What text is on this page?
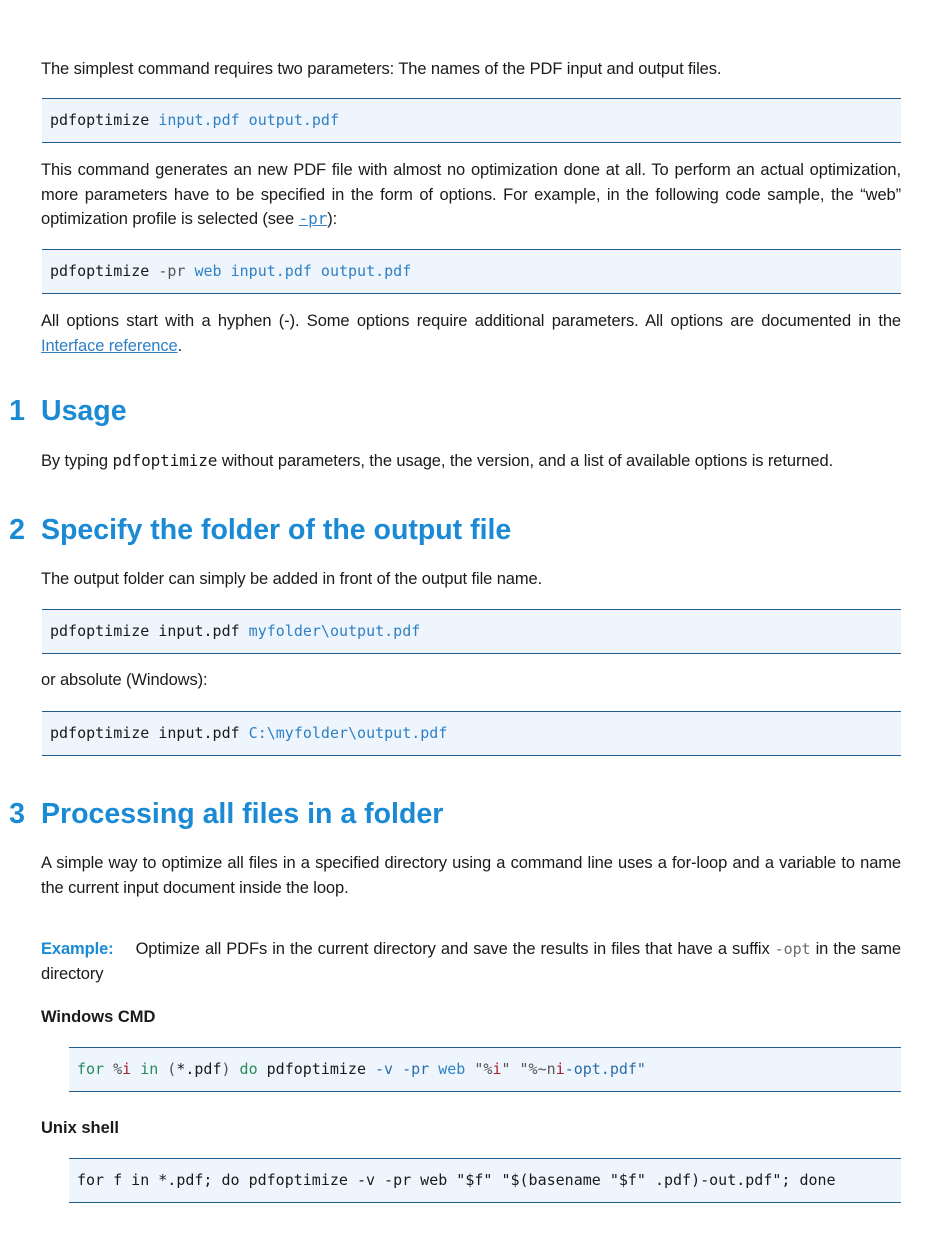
The simplest command requires two parameters: The names of the PDF input and output files.

pdfoptimize input.pdf output.pdf

This command generates an new PDF file with almost no optimization done at all. To perform an actual optimization, more parameters have to be specified in the form of options. For example, in the following code sample, the “web” optimization profile is selected (see -pr):

pdfoptimize -pr web input.pdf output.pdf

All options start with a hyphen (-). Some options require additional parameters. All options are documented in the Interface reference.

1 Usage

By typing pdfoptimize without parameters, the usage, the version, and a list of available options is returned.

2 Specify the folder of the output file

The output folder can simply be added in front of the output file name.

pdfoptimize input.pdf myfolder\output.pdf

or absolute (Windows):

pdfoptimize input.pdf C:\myfolder\output.pdf
3 Processing all files in a folder

A simple way to optimize all files in a specified directory using a command line uses a for-loop and a variable to name the current input document inside the loop.

Example: Optimize all PDFs in the current directory and save the results in files that have a suffix -opt in the same directory

Windows CMD
for %i in (*.pdf) do pdfoptimize -v -pr web "%i" "%~ni-opt.pdf"
Unix shell
for f in *.pdf; do pdfoptimize -v -pr web "$f" "$(basename "$f" .pdf)-out.pdf"; done
